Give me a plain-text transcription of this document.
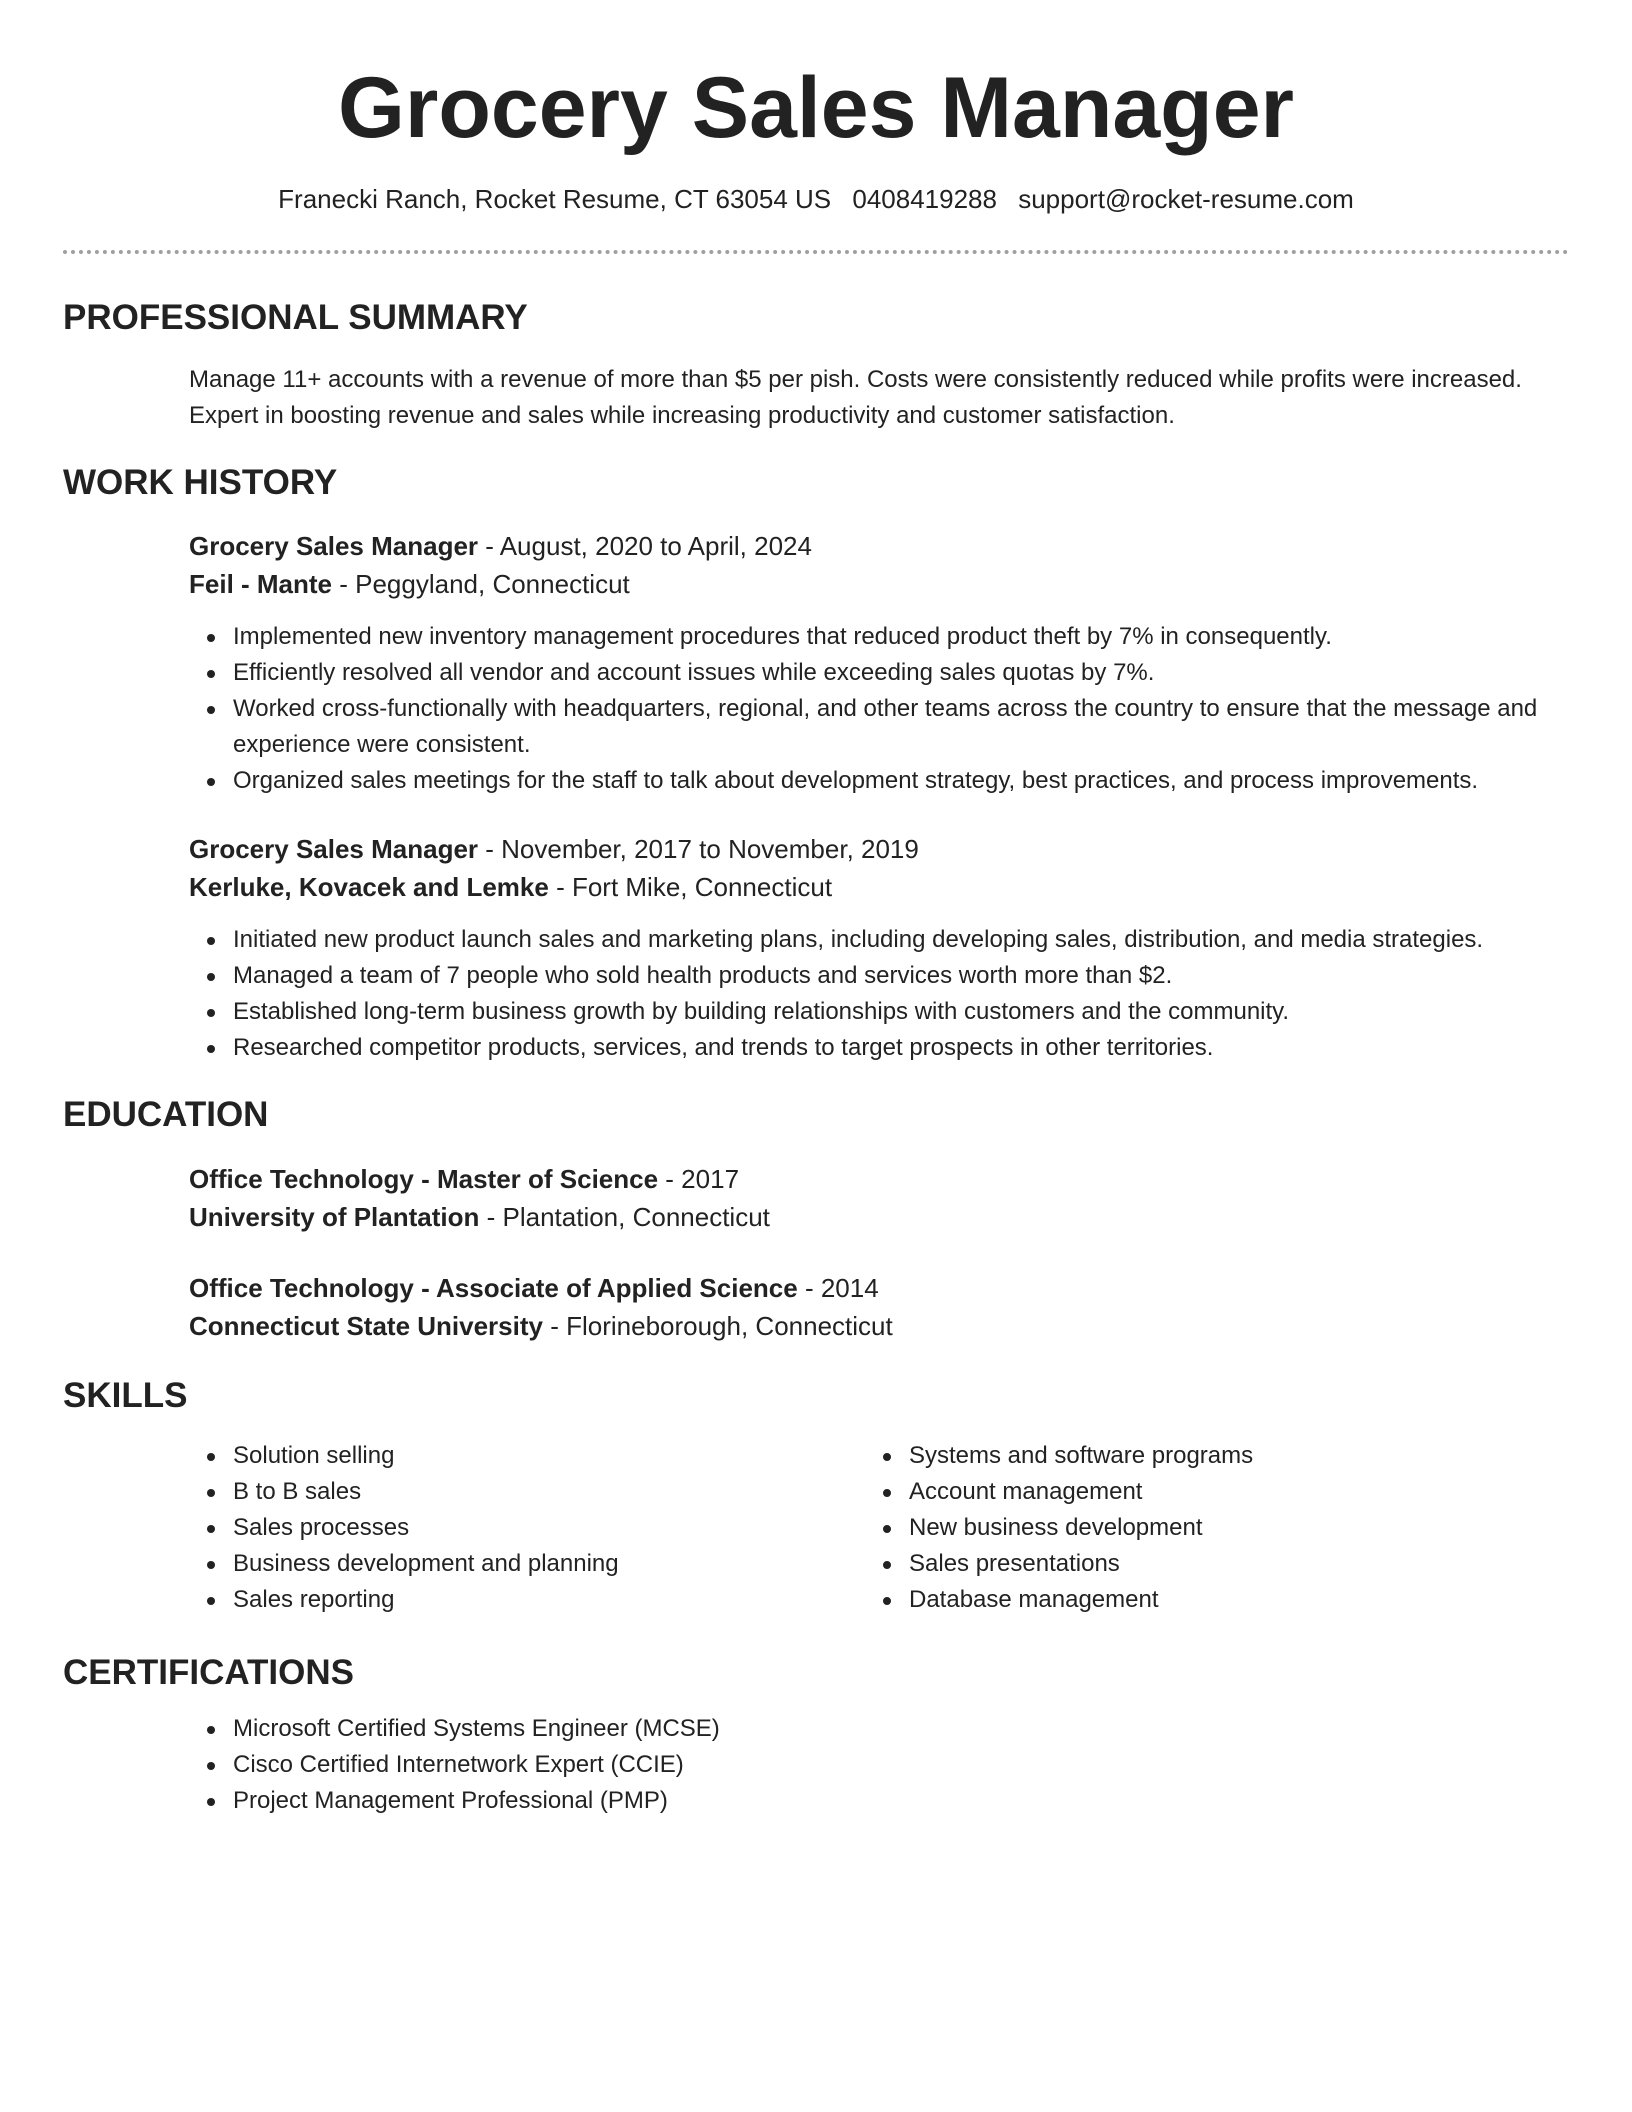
Grocery Sales Manager
Franecki Ranch, Rocket Resume, CT 63054 US 0408419288 support@rocket-resume.com
PROFESSIONAL SUMMARY

Manage 11+ accounts with a revenue of more than $5 per pish. Costs were consistently reduced while profits were increased. Expert in boosting revenue and sales while increasing productivity and customer satisfaction.

WORK HISTORY
Grocery Sales Manager - August, 2020 to April, 2024
Feil - Mante - Peggyland, Connecticut
Implemented new inventory management procedures that reduced product theft by 7% in consequently.
Efficiently resolved all vendor and account issues while exceeding sales quotas by 7%.
Worked cross-functionally with headquarters, regional, and other teams across the country to ensure that the message and experience were consistent.
Organized sales meetings for the staff to talk about development strategy, best practices, and process improvements.
Grocery Sales Manager - November, 2017 to November, 2019
Kerluke, Kovacek and Lemke - Fort Mike, Connecticut
Initiated new product launch sales and marketing plans, including developing sales, distribution, and media strategies.
Managed a team of 7 people who sold health products and services worth more than $2.
Established long-term business growth by building relationships with customers and the community.
Researched competitor products, services, and trends to target prospects in other territories.
EDUCATION
Office Technology - Master of Science - 2017
University of Plantation - Plantation, Connecticut
Office Technology - Associate of Applied Science - 2014
Connecticut State University - Florineborough, Connecticut
SKILLS
Solution selling
B to B sales
Sales processes
Business development and planning
Sales reporting
Systems and software programs
Account management
New business development
Sales presentations
Database management
CERTIFICATIONS
Microsoft Certified Systems Engineer (MCSE)
Cisco Certified Internetwork Expert (CCIE)
Project Management Professional (PMP)
